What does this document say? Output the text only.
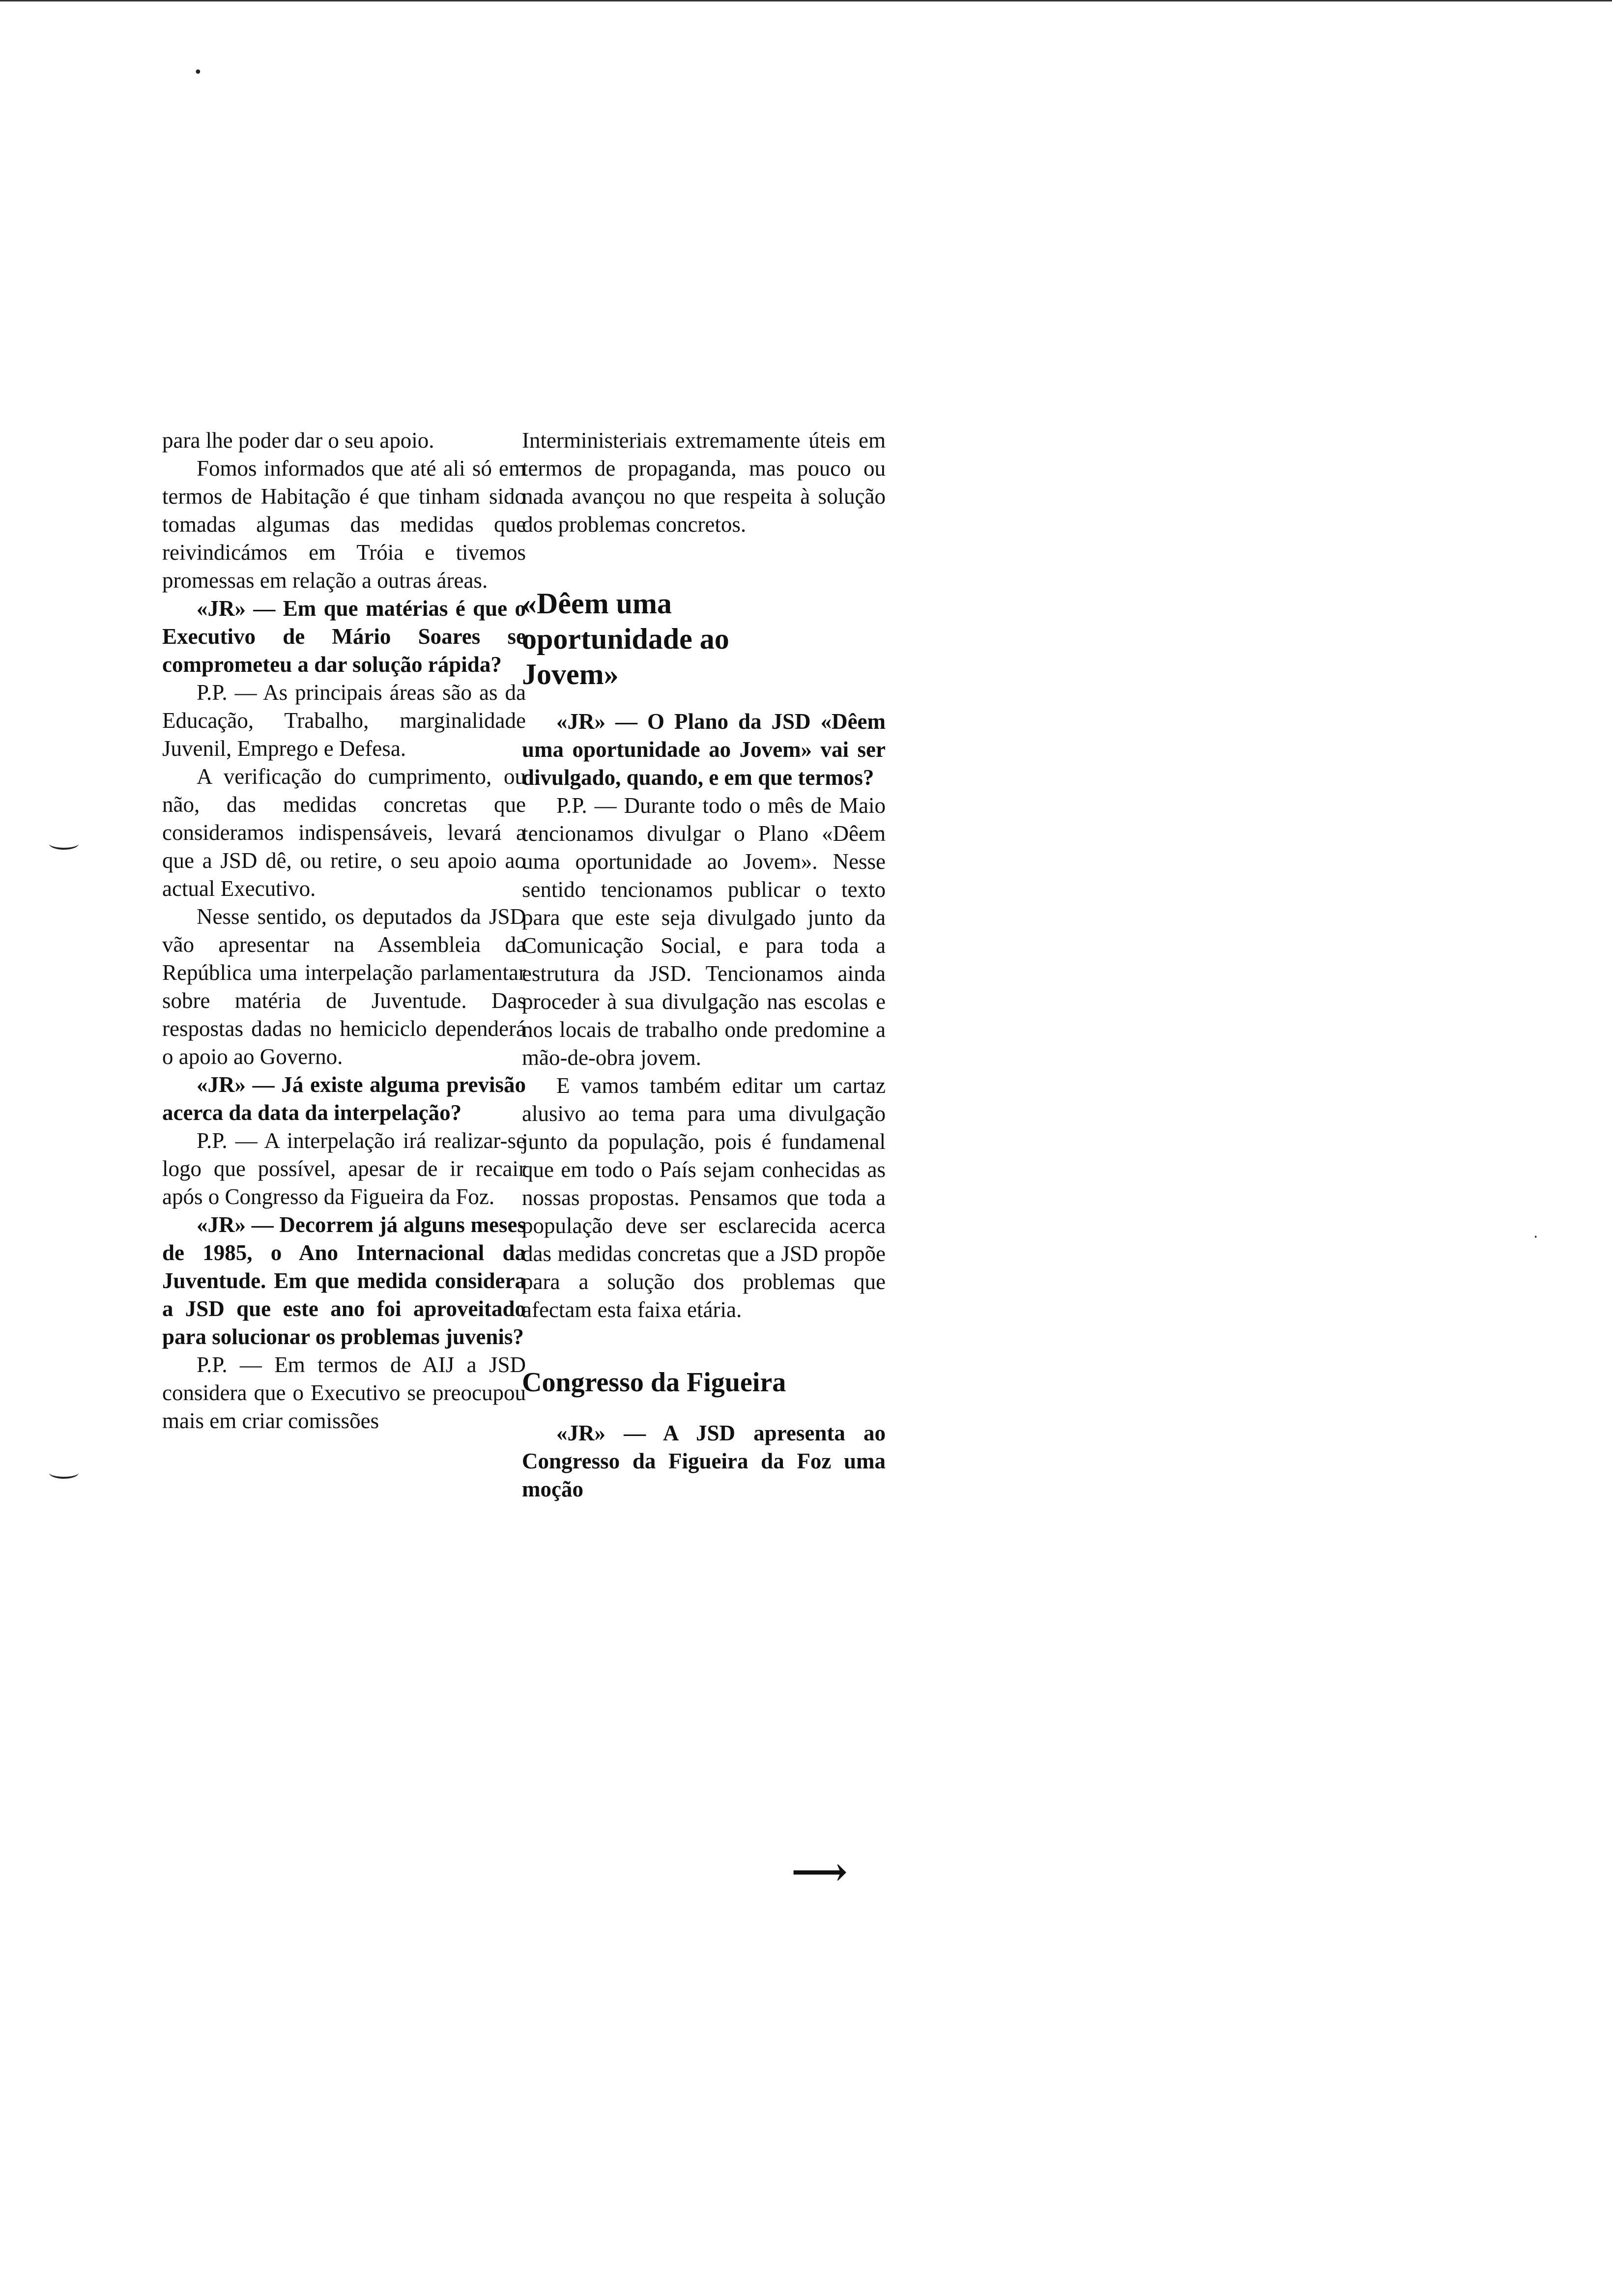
•
·

para lhe poder dar o seu apoio.

Fomos informados que até ali só em termos de Habitação é que tinham sido tomadas algumas das medidas que reivindicámos em Tróia e tivemos promessas em relação a outras áreas.

«JR» — Em que matérias é que o Executivo de Mário Soares se comprometeu a dar solução rápida?

P.P. — As principais áreas são as da Educação, Trabalho, marginalidade Juvenil, Emprego e Defesa.

A verificação do cumprimento, ou não, das medidas concretas que consideramos indispensáveis, levará a que a JSD dê, ou retire, o seu apoio ao actual Executivo.

Nesse sentido, os deputados da JSD vão apresentar na Assembleia da República uma interpelação parlamentar sobre matéria de Juventude. Das respostas dadas no hemiciclo dependerá o apoio ao Governo.

«JR» — Já existe alguma previsão acerca da data da interpelação?

P.P. — A interpelação irá realizar-se logo que possível, apesar de ir recair após o Congresso da Figueira da Foz.

«JR» — Decorrem já alguns meses de 1985, o Ano Internacional da Juventude. Em que medida considera a JSD que este ano foi aproveitado para solucionar os problemas juvenis?

P.P. — Em termos de AIJ a JSD considera que o Executivo se preocupou mais em criar comissões

Interministeriais extremamente úteis em termos de propaganda, mas pouco ou nada avançou no que respeita à solução dos problemas concretos.

«Dêem uma oportunidade ao Jovem»

«JR» — O Plano da JSD «Dêem uma oportunidade ao Jovem» vai ser divulgado, quando, e em que termos?

P.P. — Durante todo o mês de Maio tencionamos divulgar o Plano «Dêem uma oportunidade ao Jovem». Nesse sentido tencionamos publicar o texto para que este seja divulgado junto da Comunicação Social, e para toda a estrutura da JSD. Tencionamos ainda proceder à sua divulgação nas escolas e nos locais de trabalho onde predomine a mão-de-obra jovem.

E vamos também editar um cartaz alusivo ao tema para uma divulgação junto da população, pois é fundamenal que em todo o País sejam conhecidas as nossas propostas. Pensamos que toda a população deve ser esclarecida acerca das medidas concretas que a JSD propõe para a solução dos problemas que afectam esta faixa etária.

Congresso da Figueira

«JR» — A JSD apresenta ao Congresso da Figueira da Foz uma moção

⟶
